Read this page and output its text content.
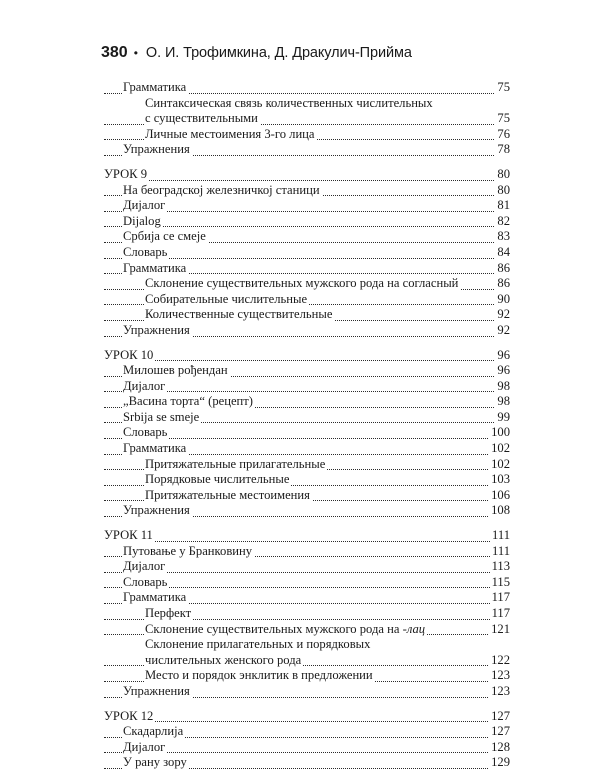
380 • О. И. Трофимкина, Д. Дракулич-Прийма
Грамматика	75
Синтаксическая связь количественных числительных
с существительными	75
Личные местоимения 3-го лица	76
Упражнения	78
УРОК 9	80
На београдској железничкој станици	80
Дијалог	81
Dijalog	82
Србија се смеје	83
Словарь	84
Грамматика	86
Склонение существительных мужского рода на согласный	86
Собирательные числительные	90
Количественные существительные	92
Упражнения	92
УРОК 10	96
Милошев рођендан	96
Дијалог	98
„Васина торта“ (рецепт)	98
Srbija se smeje	99
Словарь	100
Грамматика	102
Притяжательные прилагательные	102
Порядковые числительные	103
Притяжательные местоимения	106
Упражнения	108
УРОК 11	111
Путовање у Бранковину	111
Дијалог	113
Словарь	115
Грамматика	117
Перфект	117
Склонение существительных мужского рода на -лац	121
Склонение прилагательных и порядковых
числительных женского рода	122
Место и порядок энклитик в предложении	123
Упражнения	123
УРОК 12	127
Скадарлија	127
Дијалог	128
У рану зору	129
